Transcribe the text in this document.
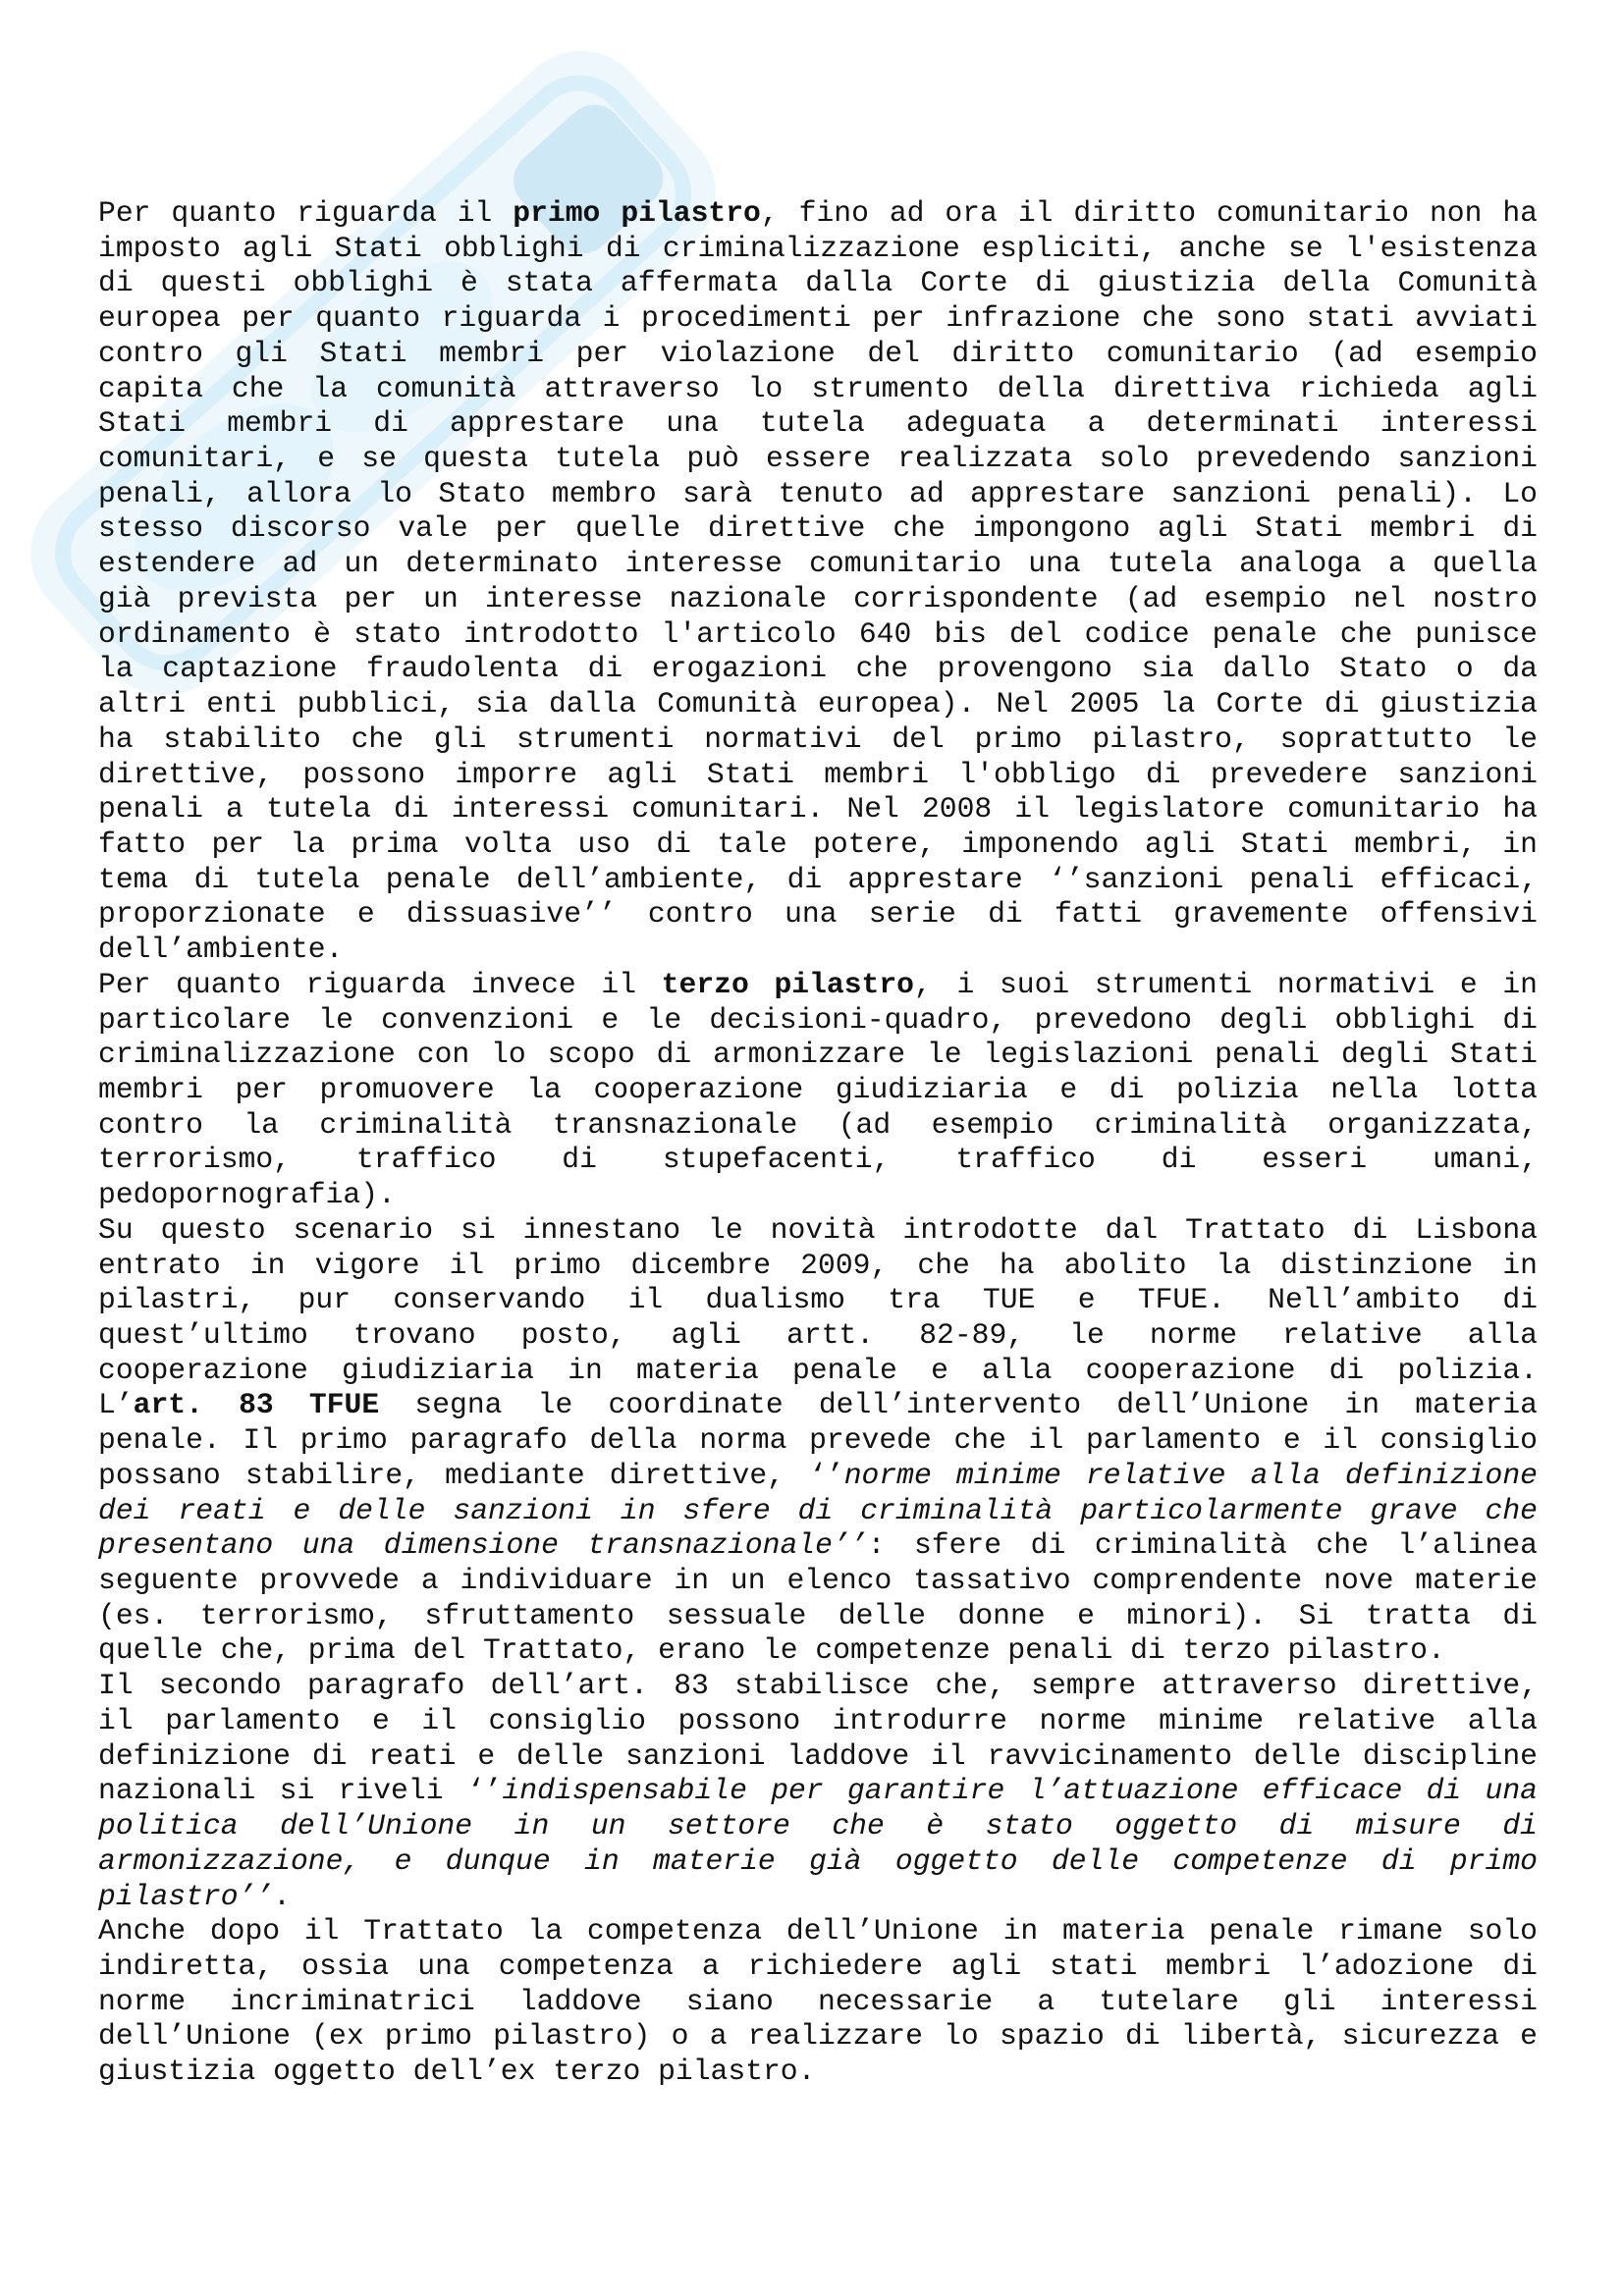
Per quanto riguarda il primo pilastro, fino ad ora il diritto comunitario non ha
imposto agli Stati obblighi di criminalizzazione espliciti, anche se l'esistenza
di questi obblighi è stata affermata dalla Corte di giustizia della Comunità
europea per quanto riguarda i procedimenti per infrazione che sono stati avviati
contro gli Stati membri per violazione del diritto comunitario (ad esempio
capita che la comunità attraverso lo strumento della direttiva richieda agli
Stati membri di apprestare una tutela adeguata a determinati interessi
comunitari, e se questa tutela può essere realizzata solo prevedendo sanzioni
penali, allora lo Stato membro sarà tenuto ad apprestare sanzioni penali). Lo
stesso discorso vale per quelle direttive che impongono agli Stati membri di
estendere ad un determinato interesse comunitario una tutela analoga a quella
già prevista per un interesse nazionale corrispondente (ad esempio nel nostro
ordinamento è stato introdotto l'articolo 640 bis del codice penale che punisce
la captazione fraudolenta di erogazioni che provengono sia dallo Stato o da
altri enti pubblici, sia dalla Comunità europea). Nel 2005 la Corte di giustizia
ha stabilito che gli strumenti normativi del primo pilastro, soprattutto le
direttive, possono imporre agli Stati membri l'obbligo di prevedere sanzioni
penali a tutela di interessi comunitari. Nel 2008 il legislatore comunitario ha
fatto per la prima volta uso di tale potere, imponendo agli Stati membri, in
tema di tutela penale dell’ambiente, di apprestare ‘’sanzioni penali efficaci,
proporzionate e dissuasive’’ contro una serie di fatti gravemente offensivi
dell’ambiente.
Per quanto riguarda invece il terzo pilastro, i suoi strumenti normativi e in
particolare le convenzioni e le decisioni-quadro, prevedono degli obblighi di
criminalizzazione con lo scopo di armonizzare le legislazioni penali degli Stati
membri per promuovere la cooperazione giudiziaria e di polizia nella lotta
contro la criminalità transnazionale (ad esempio criminalità organizzata,
terrorismo, traffico di stupefacenti, traffico di esseri umani,
pedopornografia).
Su questo scenario si innestano le novità introdotte dal Trattato di Lisbona
entrato in vigore il primo dicembre 2009, che ha abolito la distinzione in
pilastri, pur conservando il dualismo tra TUE e TFUE. Nell’ambito di
quest’ultimo trovano posto, agli artt. 82-89, le norme relative alla
cooperazione giudiziaria in materia penale e alla cooperazione di polizia.
L’art. 83 TFUE segna le coordinate dell’intervento dell’Unione in materia
penale. Il primo paragrafo della norma prevede che il parlamento e il consiglio
possano stabilire, mediante direttive, ‘’norme minime relative alla definizione
dei reati e delle sanzioni in sfere di criminalità particolarmente grave che
presentano una dimensione transnazionale’’: sfere di criminalità che l’alinea
seguente provvede a individuare in un elenco tassativo comprendente nove materie
(es. terrorismo, sfruttamento sessuale delle donne e minori). Si tratta di
quelle che, prima del Trattato, erano le competenze penali di terzo pilastro.
Il secondo paragrafo dell’art. 83 stabilisce che, sempre attraverso direttive,
il parlamento e il consiglio possono introdurre norme minime relative alla
definizione di reati e delle sanzioni laddove il ravvicinamento delle discipline
nazionali si riveli ‘’indispensabile per garantire l’attuazione efficace di una
politica dell’Unione in un settore che è stato oggetto di misure di
armonizzazione, e dunque in materie già oggetto delle competenze di primo
pilastro’’.
Anche dopo il Trattato la competenza dell’Unione in materia penale rimane solo
indiretta, ossia una competenza a richiedere agli stati membri l’adozione di
norme incriminatrici laddove siano necessarie a tutelare gli interessi
dell’Unione (ex primo pilastro) o a realizzare lo spazio di libertà, sicurezza e
giustizia oggetto dell’ex terzo pilastro.
